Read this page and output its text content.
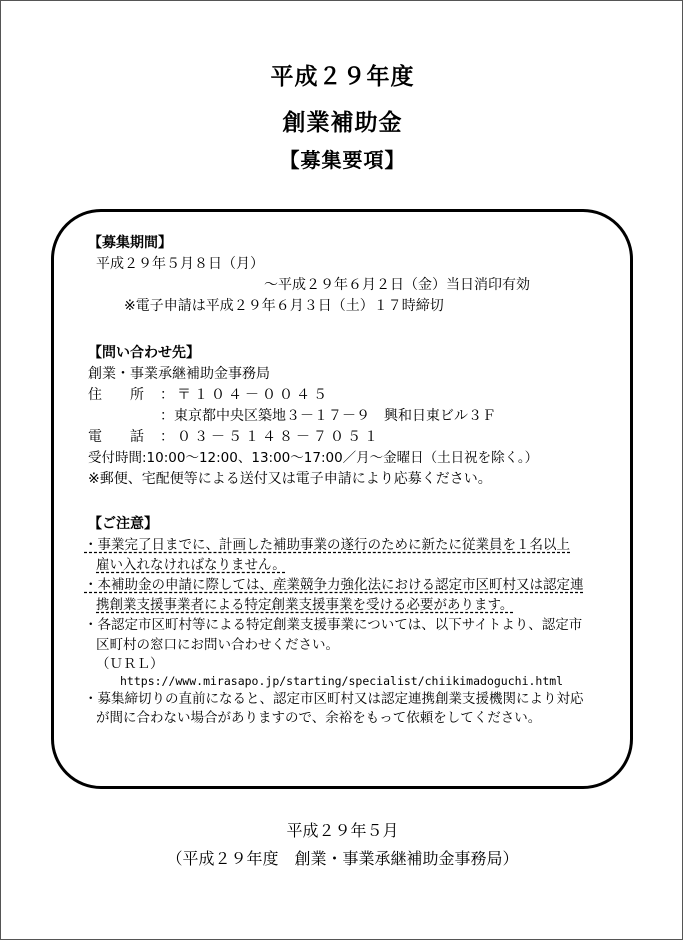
平成２９年度
創業補助金
【募集要項】
【募集期間】
平成２９年５月８日（月）
～平成２９年６月２日（金）当日消印有効
※電子申請は平成２９年６月３日（土）１７時締切
【問い合わせ先】
創業・事業承継補助金事務局
住　　所 ：〒１０４－００４５
：東京都中央区築地３－１７－９　興和日東ビル３Ｆ
電　　話 ：０３－５１４８－７０５１
受付時間:10:00～12:00、13:00～17:00／月～金曜日（土日祝を除く。）
※郵便、宅配便等による送付又は電子申請により応募ください。
【ご注意】
・事業完了日までに、計画した補助事業の遂行のために新たに従業員を１名以上
雇い入れなければなりません。
・本補助金の申請に際しては、産業競争力強化法における認定市区町村又は認定連
携創業支援事業者による特定創業支援事業を受ける必要があります。
・各認定市区町村等による特定創業支援事業については、以下サイトより、認定市
区町村の窓口にお問い合わせください。
（ＵＲＬ）
https://www.mirasapo.jp/starting/specialist/chiikimadoguchi.html
・募集締切りの直前になると、認定市区町村又は認定連携創業支援機関により対応
が間に合わない場合がありますので、余裕をもって依頼をしてください。
平成２９年５月
（平成２９年度　創業・事業承継補助金事務局）
